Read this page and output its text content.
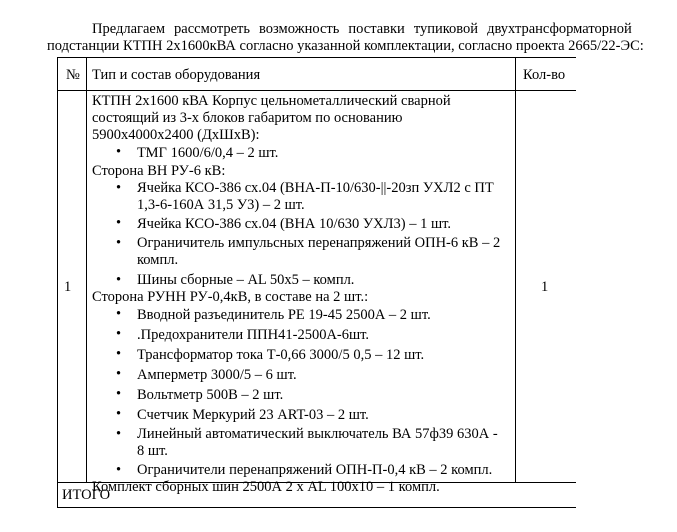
Предлагаем рассмотреть возможность поставки тупиковой двухтрансформаторной
подстанции КТПН 2х1600кВА согласно указанной комплектации, согласно проекта 2665/22-ЭС:
№ Тип и состав оборудования	Кол-во
1	1
КТПН 2х1600 кВА Корпус цельнометаллический сварной
состоящий из 3-х блоков габаритом по основанию
5900х4000х2400 (ДхШхВ):
• ТМГ 1600/6/0,4 – 2 шт.
Сторона ВН РУ-6 кВ:
• Ячейка КСО-386 сх.04 (ВНА-П-10/630-||-20зп УХЛ2 с ПТ
1,3-6-160А 31,5 У3) – 2 шт.
• Ячейка КСО-386 сх.04 (ВНА 10/630 УХЛ3) – 1 шт.
• Ограничитель импульсных перенапряжений ОПН-6 кВ – 2
компл.
• Шины сборные – AL 50х5 – компл.
Сторона РУНН РУ-0,4кВ, в составе на 2 шт.:
• Вводной разъединитель РЕ 19-45 2500А – 2 шт.
• .Предохранители ППН41-2500А-6шт.
• Трансформатор тока Т-0,66 3000/5 0,5 – 12 шт.
• Амперметр 3000/5 – 6 шт.
• Вольтметр 500В – 2 шт.
• Счетчик Меркурий 23 ART-03 – 2 шт.
• Линейный автоматический выключатель ВА 57ф39 630А -
8 шт.
• Ограничители перенапряжений ОПН-П-0,4 кВ – 2 компл.
Комплект сборных шин 2500А 2 х AL 100х10 – 1 компл.
ИТОГО
